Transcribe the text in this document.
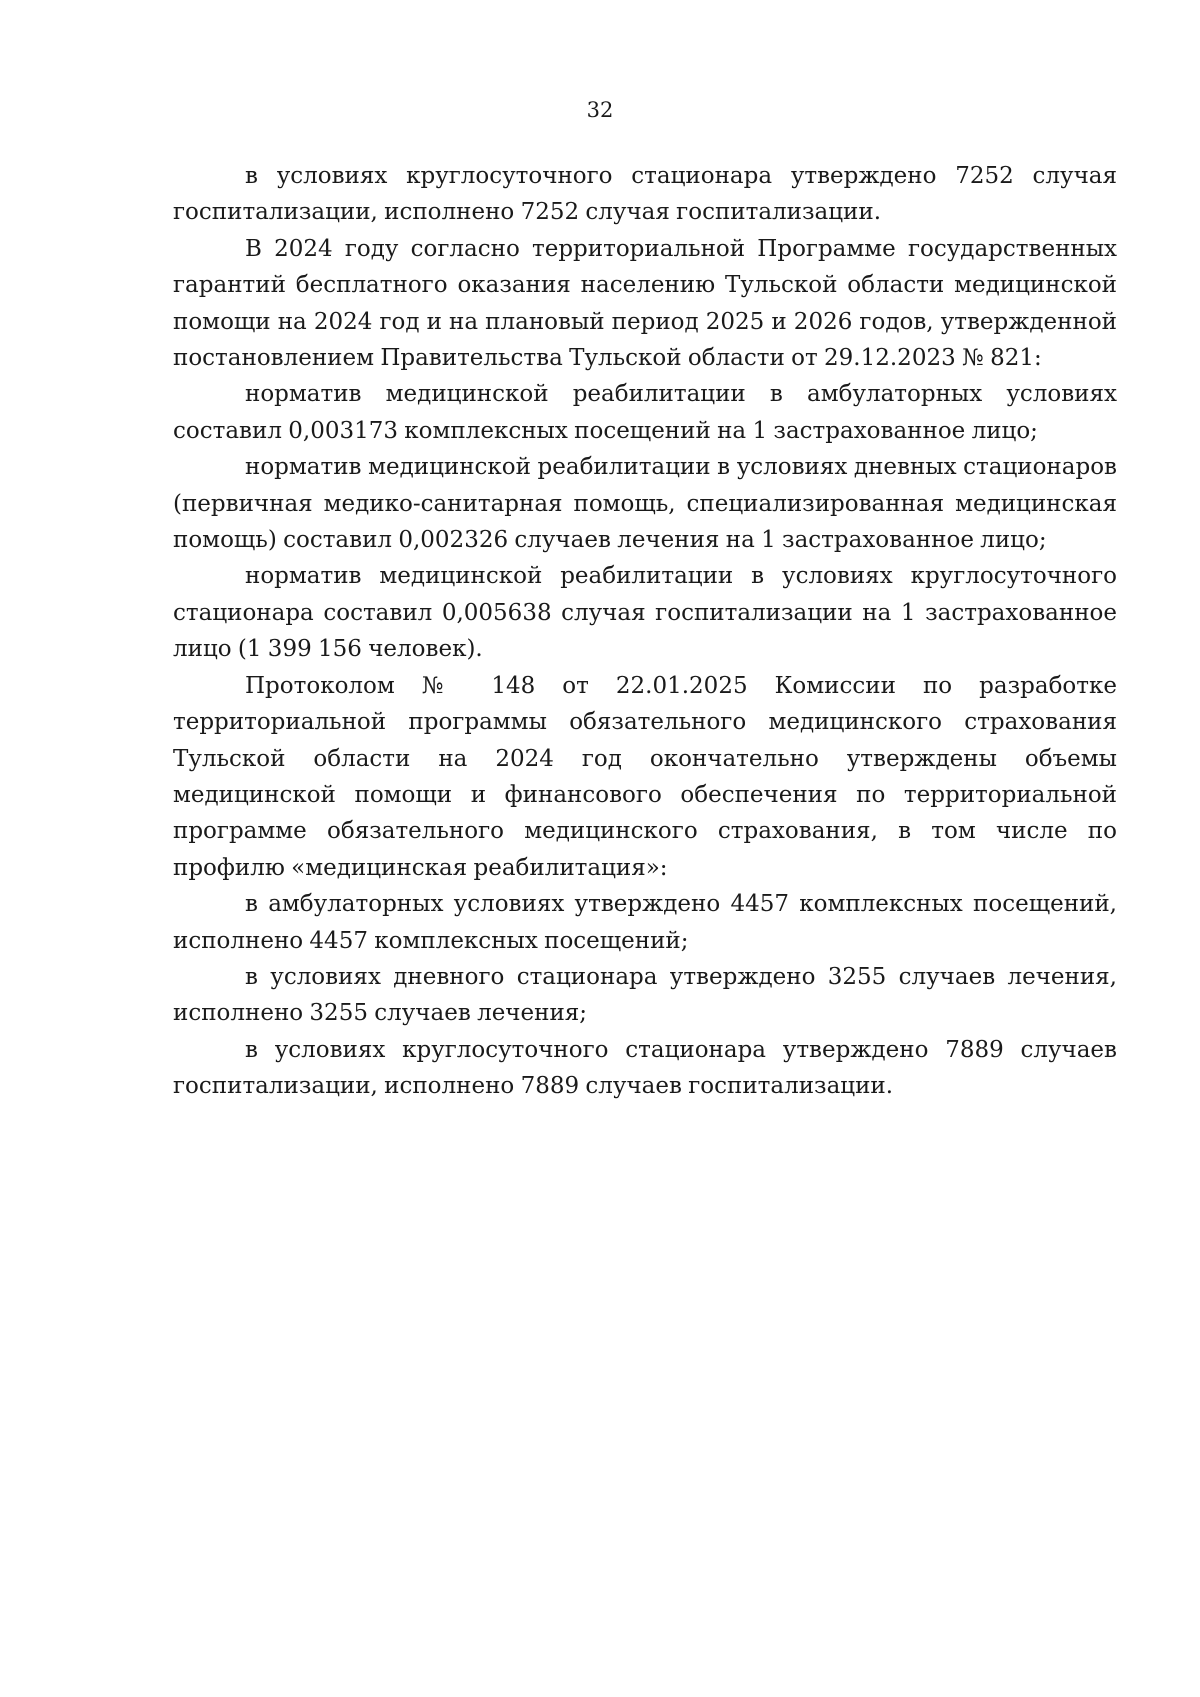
32

в условиях круглосуточного стационара утверждено 7252 случая госпитализации, исполнено 7252 случая госпитализации.

В 2024 году согласно территориальной Программе государственных гарантий бесплатного оказания населению Тульской области медицинской помощи на 2024 год и на плановый период 2025 и 2026 годов, утвержденной постановлением Правительства Тульской области от 29.12.2023 № 821:

норматив медицинской реабилитации в амбулаторных условиях составил 0,003173 комплексных посещений на 1 застрахованное лицо;

норматив медицинской реабилитации в условиях дневных стационаров (первичная медико-санитарная помощь, специализированная медицинская помощь) составил 0,002326 случаев лечения на 1 застрахованное лицо;

норматив медицинской реабилитации в условиях круглосуточного стационара составил 0,005638 случая госпитализации на 1 застрахованное лицо (1 399 156 человек).

Протоколом № 148 от 22.01.2025 Комиссии по разработке территориальной программы обязательного медицинского страхования Тульской области на 2024 год окончательно утверждены объемы медицинской помощи и финансового обеспечения по территориальной программе обязательного медицинского страхования, в том числе по профилю «медицинская реабилитация»:

в амбулаторных условиях утверждено 4457 комплексных посещений, исполнено 4457 комплексных посещений;

в условиях дневного стационара утверждено 3255 случаев лечения, исполнено 3255 случаев лечения;

в условиях круглосуточного стационара утверждено 7889 случаев госпитализации, исполнено 7889 случаев госпитализации.
